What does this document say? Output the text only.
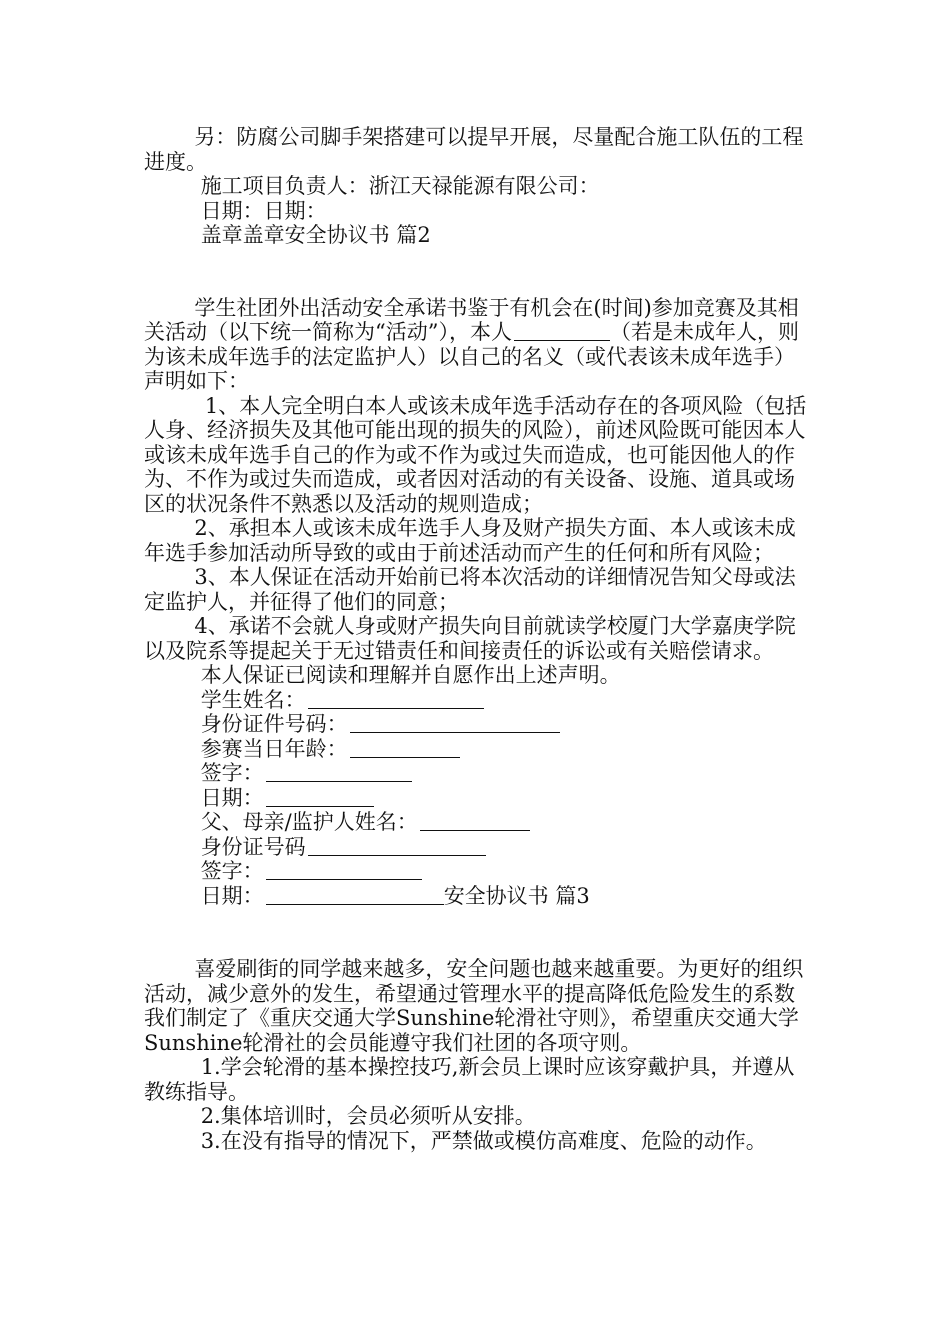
另：防腐公司脚手架搭建可以提早开展，尽量配合施工队伍的工程进度。

施工项目负责人：浙江天禄能源有限公司：

日期：日期：

盖章盖章安全协议书 篇2

学生社团外出活动安全承诺书鉴于有机会在(时间)参加竞赛及其相关活动（以下统一简称为“活动”），本人	（若是未成年人，则为该未成年选手的法定监护人）以自己的名义（或代表该未成年选手）声明如下：

1、本人完全明白本人或该未成年选手活动存在的各项风险（包括人身、经济损失及其他可能出现的损失的风险），前述风险既可能因本人或该未成年选手自己的作为或不作为或过失而造成，也可能因他人的作为、不作为或过失而造成，或者因对活动的有关设备、设施、道具或场区的状况条件不熟悉以及活动的规则造成；

2、承担本人或该未成年选手人身及财产损失方面、本人或该未成年选手参加活动所导致的或由于前述活动而产生的任何和所有风险；

3、本人保证在活动开始前已将本次活动的详细情况告知父母或法定监护人，并征得了他们的同意；

4、承诺不会就人身或财产损失向目前就读学校厦门大学嘉庚学院以及院系等提起关于无过错责任和间接责任的诉讼或有关赔偿请求。

本人保证已阅读和理解并自愿作出上述声明。

学生姓名：

身份证件号码：

参赛当日年龄：

签字：

日期：

父、母亲/监护人姓名：

身份证号码

签字：

日期：	安全协议书 篇3

喜爱刷街的同学越来越多，安全问题也越来越重要。为更好的组织活动，减少意外的发生，希望通过管理水平的提高降低危险发生的系数我们制定了《重庆交通大学Sunshine轮滑社守则》，希望重庆交通大学Sunshine轮滑社的会员能遵守我们社团的各项守则。

1.学会轮滑的基本操控技巧,新会员上课时应该穿戴护具，并遵从教练指导。

2.集体培训时，会员必须听从安排。

3.在没有指导的情况下，严禁做或模仿高难度、危险的动作。
